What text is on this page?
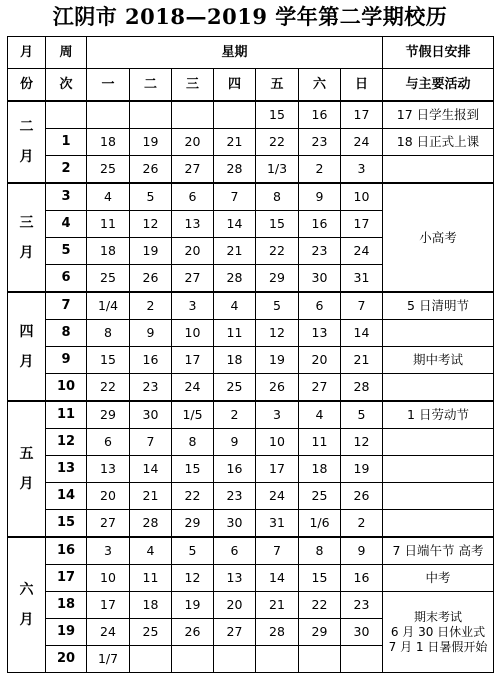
江阴市 2018—2019 学年第二学期校历
月	周	星期							节假日安排
份	次	一	二	三	四	五	六	日	与主要活动

二
月						15	16	17	17 日学生报到
	1	18	19	20	21	22	23	24	18 日正式上课
	2	25	26	27	28	1/3	2	3	

三
月	3	4	5	6	7	8	9	10	小高考
	4	11	12	13	14	15	16	17	
	5	18	19	20	21	22	23	24	
	6	25	26	27	28	29	30	31	

四
月	7	1/4	2	3	4	5	6	7	5 日清明节
	8	8	9	10	11	12	13	14	
	9	15	16	17	18	19	20	21	期中考试
	10	22	23	24	25	26	27	28	

五
月	11	29	30	1/5	2	3	4	5	1 日劳动节
	12	6	7	8	9	10	11	12	
	13	13	14	15	16	17	18	19	
	14	20	21	22	23	24	25	26	
	15	27	28	29	30	31	1/6	2	

六
月	16	3	4	5	6	7	8	9	7 日端午节 高考
	17	10	11	12	13	14	15	16	中考
	18	17	18	19	20	21	22	23	期末考试
6 月 30 日休业式
7 月 1 日暑假开始

	19	24	25	26	27	28	29	30	
	20	1/7							
